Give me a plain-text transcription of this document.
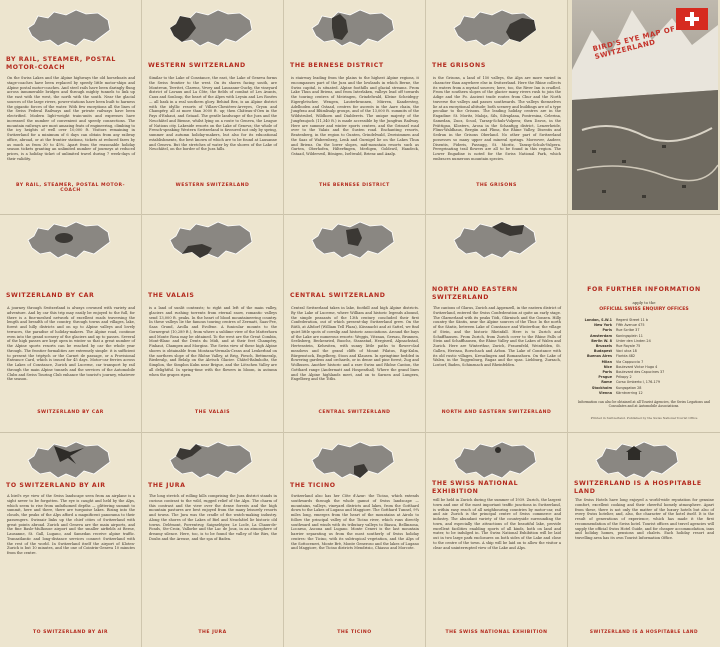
BY RAIL, STEAMER, POSTAL MOTOR-COACH
On the Swiss Lakes and the Alpine highways the old horseboats and stage-coaches have been replaced by speedy little motor-ships and Alpine postal motor-coaches. And steel rails have been daringly flung across innumerable bridges and through mighty tunnels to link up the east with the west, the north with the south. Near the glacial sources of the large rivers, power-stations have been built to harness the gigantic forces of the water. With few exceptions all the lines of the Swiss Federal Railways and the private railways have been electrified. Modern light-weight train-units and expresses have increased the number of convenient and speedy connections. The mountain railways are most amazing feats of engineering, climbing to the icy heights of well over 10,000 ft. Visitors remaining in Switzerland for a minimum of 6 days can obtain from any railway office, abroad, or at the frontier stations, tickets at reduced fares by as much as from 30 to 45%. Apart from the reasonable holiday season tickets granting an unlimited number of journeys at reduced prices, is a holiday ticket of unlimited travel during 7 week-days of their validity.
BY RAIL, STEAMER, POSTAL MOTOR-COACH
WESTERN SWITZERLAND
Similar to the Lake of Constance, the east, the Lake of Geneva forms the Swiss frontier to the west. On its shores facing south, are Montreux, Territet, Clarens, Vevey and Lausanne-Ouchy, the vineyard district of Lavaux and La Côte, the fields of combat of Les Avants, Caux and Sonloup, the heart of the Alpes with Leysin and Les Rosées — all bask in a real southern glory. Behind Bex, is an Alpine district with the idyllic resorts of Villars-Chesières-Arveyes, Gryon and Champéry, all at more than 3000 ft. up; then Château-d'Oex in the Pays d'Enhaut, and Gstaad. The gentle landscape of the Jura and the Neuchâtel and Bienne, whilst lying on a route to Geneva, the League of Nations city. Lakeside resorts on the Lake of Geneva; the whole of French-speaking Western Switzerland is favoured not only by spring, summer and autumn holiday-makers, but also for its educational establishments, the best known of which are to be found at Lausanne and Geneva. But the stretches of water by the shores of the Lake of Neuchâtel, on the border of the Jura hills.
WESTERN SWITZERLAND
THE BERNESE DISTRICT
is stairway leading from the plains to the highest Alpine regions, it encompasses part of the Jura and the lowlands in which Berne, the Swiss capital, is situated. Alpine foothills and glacial streams. From Lake Thun and Brienz, and from Interlaken, valleys lead off towards the touring centres of Meiringen, Grindelwald, Kleine Scheidegg-Eigergletscher, Wengen, Lauterbrunnen, Mürren, Kandersteg, Adelboden and Gstaad, centres for ascents in the Aare chain, the Jungfrau and Blümlisalp groups, and of the 13,000 ft. summits of the Wildstrubel, Wildhorn and Diablerets. The unique majesty of the Jungfraujoch (11,340 ft.) is made accessible by the Jungfrau Railway. Here are summer and winter sports centres, and the Grimsel road over to the Valais and the Susten road. Enchanting resorts, Beatenberg, in the region to Gunten, Grindelwald, Zweisimmen and the Saas of Wabernberg, Lenk and Gurnigel lie on the Lakes Thun and Brienz. On the lower slopes, mid-mountain resorts such as Gurten, Oberhofen, Hilterfingen, Merligen, Goldswil, Handeck, Gstaad, Wilderswil, Bönigen, Iseltwald, Brienz and Axalp.
THE BERNESE DISTRICT
THE GRISONS
is the Grisons, a land of 150 valleys, the Alps are more varied in character than anywhere else in Switzerland. Here the Rhine collects its waters from a myriad sources; here, too, the River Inn is cradled. From the southern slopes of the glacier many rivers rush to join the Adige and the Po. Ancient trade routes from Chur and the North traverse the valleys and passes southwards. The valleys themselves lie at an exceptional altitude; both scenery and buildings are of a type peculiar to the Grisons. The leading holiday centres are in the Engadine: St. Moritz, Maloja, Sils, Silvaplana, Pontresina, Celerina, Samedan, Zuoz, Scuol, Tarasp-Schuls-Vulpera; then Davos, in the Prättigau, Klosters, Arosa in the Schanfigg district, Lenzerheide, Flims-Waldhaus, Bergün and Flims, the Rhine Valley, Disentis and Sedrun in the Grisons Oberland. No other part of Switzerland possesses so many upper and mineral springs. Moreover, Andeer, Disentis, Fideris, Passugg, St. Moritz, Tarasp-Schuls-Vulpera. Peregrinating trail flowers are all to be found in this region. The Lower Engadine is noted for the Swiss National Park, which embraces numerous mountain species.
THE GRISONS
BIRD'S EYE MAP OF SWITZERLAND
SWITZERLAND BY CAR
A journey through Switzerland is always crowned with variety and adventure. And by car this trip may easily be enjoyed to the full, for there is a fine-meshed network of excellent roads traversing the length and breadth of the country, through towns and villages, lake, forest and hilly districts and on up to Alpine valleys and lovely terraces, the paradise of holiday-makers. The Alpine road, continue even into the grand scenery of the glaciers and up to passes. Several of the high passes are kept open in winter so that a great number of the Alpine sports resorts can be reached by car the whole year through. The frontier formalities are extremely simple: it is sufficient to present the triptych or the Carnet de passage, or a Provisional Entrance Card, which is issued for 45 days. Motor-car ferries across the Lakes of Constance, Zurich and Lucerne, car transport by rail through the main Alpine tunnels and the services of the Automobile Clubs and Swiss Touring Club enhance the tourist's journey, whatever the season.
SWITZERLAND BY CAR
THE VALAIS
is a land of sunlit contrasts; to right and left of the main valley, glaciers and rushing torrents from eternal snow, romantic valleys send 13,000 ft. peaks. In the heart of blood mountaineering country. In these valleys lie the famous touring centres of Zermatt, Saas-Fee, Saas Grund, Arolla and Evolène. A funicular mounts to the Gornergrat (10,289 ft.), from where a sublime view of the Matterhorn and Monte Rosa may be obtained. To the west are the Great Combin, Mont-Blanc and the Dents du Midi, and at their feet Champéry, Finhaut, Champex and Morgins. The Swiss view of these high Alpine shores is obtainable from Montana-Vermala-Crans and Leukerbad on the northern slope of the Rhône Valley, at Brig, Fiesch, Bettmeralp, Riederalp, and Belalp on the Aletsch Glacier. Châtel-Balmholtz, the Simplon, the Simplon Kulm near Brigue, and the Lötschen Valley are all delightful. In spring-time with the flowers in bloom, in autumn when the grapes ripen.
THE VALAIS
CENTRAL SWITZERLAND
Central Switzerland takes in lake, foothill and high Alpine districts. By the Lake of Lucerne, where William and historic legends abound, the simple peasants of the 13th century concluded their first Confederation, out of which present-day Switzerland grew. On the Rütli, at Altdorf (William Tell Plaza), Küssnacht and at Sattel, we find quiet little spots of cowslip and historic associations. Around the bays of the Lake are numerous resorts: Weggis, Vitznau, Gersau, Brunnen, Seelisberg, Beckenried, Buochs, Stansstad, Hergiswil, Alpnachstad, Hertenstein, Kehrsiten, with sunny little paths to flower-clad meadows and the grand cliffs of Mount Pilatus, Rigi-Kulm, Bürgenstock, Engelberg, Stoos and Klausen. In springtime bedded in flowering gardens and orchards, or in dense and pine forest, Zug and Wolhusen. Another historic and a rare Swiss and Rhône Canton, the Gotthard range (Andermatt and Hospenthal). Where the grand lines and the Alpine highlands meet, and on to Sarnen and Lungern, Engelberg and the Titlis.
CENTRAL SWITZERLAND
NORTH AND EASTERN SWITZERLAND
The cantons of Glarus, Zurich and Appenzell, in the eastern district of Switzerland, entered the Swiss Confederation at quite an early stage. The Glarnerland with its peaks Tödi, Glärnisch and the Gonzen. Hilly country the Säntis, near the Alpine sources of the Thur. In the north of the Säntis, between Lake of Constance and Winterthur, the village of Stein, and the historic Rheinfall. Here is to Zurich and Schaffhausen. From Zurich, from Zurich cover to the Rhine Falls of Stein and Schaffhausen, the Rhine Valley and the Lakes of Walen and Zurich. Here are Winterthur, Zurich, Frauenfeld, Weinfelden, St. Gallen, Herisau, Rorschach and Arbon. The Lake of Constance with its old rustic villages, Kreuzlingen and Romanshorn. On the Lake of Walen, in the Toggenburg, Ragaz and the spas. Liebburg, Zurzach, Lostorf, Baden, Schinznach and Rheinfelden.
NORTH AND EASTERN SWITZERLAND
FOR FURTHER INFORMATION
apply to the
OFFICIAL SWISS ENQUIRY OFFICES
London, S.W.1	Regent Street 11 b
New York	Fifth Avenue 475
Paris	Rue Scribe 37
Amsterdam	Koningsplein 11
Berlin W. 8	Unter den Linden 24
Brussels	Rue Royale 75
Budapest	Vaci utca 18
Buenos Aires	Florida 482
Milan	Via Cappuccio 7
Nice	Boulevard Victor Hugo 4
Paris	Boulevard des Capucines 37
Prague	Prikopy 2
Rome	Corso Umberto I, 176-179
Stockholm	Kungsgatan 28
Vienna	Kärntnerring 12
Information can also be obtained at all Tourist Agencies, the Swiss Legations and Consulates and at Automobile Associations.
Printed in Switzerland. Published by the Swiss National Tourist Office
TO SWITZERLAND BY AIR
A bird's eye view of the Swiss landscape seen from an airplane is a sight never to be forgotten. The eye is caught and held by the Alps, which seem to rise from unfathomed depths — glittering summit to summit, here and there, there are turquoise lakes. Rising into the clouds, the peaks of the Alps afford a magnificent panorama to their passengers. Swissair links up the chief cities of Switzerland with great points abroad. Zurich and Geneva are the main airports, and the fine Basle-Mulhouse airport and the smaller airfields at Berne, Lausanne, St. Gall, Lugano, and Samedan receive alpine traffic. Transatlantic and long-distance services connect Switzerland with the rest of the world. In Switzerland itself the airport of Kloten-Zurich is but 10 minutes, and the one of Cointrin-Geneva 10 minutes from the centre.
TO SWITZERLAND BY AIR
THE JURA
The long stretch of rolling hills comprising the Jura district stands in curious contrast to the wild, rugged relief of the Alps. The charm of this contrast and the view over the dense forests and the high mountain pastures are best enjoyed from the many leisurely resorts and towns. The Jura was the cradle of the watch-making industry. Along the shores of the Lakes of Biel and Neuchâtel lie historic old towns. Delémont, Porrentruy, Saignelégier, Le Locle, La Chaux-de-Fonds, Ste-Croix, Vallorbe and the Lac de Joux, in an atmosphere of dreamy silence. Here, too, is to be found the valley of the Birs, the Doubs and the Areuse, and the spa of Baden.
THE JURA
THE TICINO
Switzerland also has her Côte d'Azur: the Ticino, which extends southwards through the whole gamut of Swiss landscape — mountains, valleys, vineyard districts and lakes, from the Gotthard down to the Lakes of Lugano and Maggiore. The Gotthard Tunnel, 9¼ miles long, emerges from the heart of the mountains at Airolo to follow the principal valley of the Ticino river, which runs directly southward and winds with its tributary valleys to Biasca, Bellinzona, Locarno, Ascona and Lugano. Monte Ceneri is the last mountain barrier separating us from the most southerly of Swiss holiday centres: the Ticino, with its subtropical vegetation, and the Alps of the Sottoceneri, Monte Brè, Monte Generoso and the lakes of Lugano and Maggiore, the Ticino districts Mendrisio, Chiasso and Morcote.
THE TICINO
THE SWISS NATIONAL EXHIBITION
will be held in Zurich during the summer of 1939. Zurich, the largest town and one of the most important traffic junctions in Switzerland, is within easy reach of all neighbouring countries by motor-car, rail and air. Zurich is the principal centre of Swiss commerce and industry. The abundant variety of the countryside surrounding the town, and especially the attractions of the beautiful lake, provide excellent facilities enabling sports of all kinds, both on land and water, to be indulged in. The Swiss National Exhibition will be laid out in two large park enclosures on both sides of the Lake and close to the centre of the town. A ship will be laid on to allow the visitor a clear and uninterrupted view of the Lake and Alps.
THE SWISS NATIONAL EXHIBITION
SWITZERLAND IS A HOSPITABLE LAND
The Swiss Hotels have long enjoyed a world-wide reputation for genuine comfort, excellent cooking and their cheerful homely atmosphere. Apart from these, there is not only the matter of the luxury hotels but also of every Swiss hotelier, and, also, the character of the hotel itself. It is the result of generations of experience, which has made it the first recommendation of the Swiss hotel. Tourist offices and travel agencies will supply the official Swiss Hotel Guide, and for cheaper accommodation, inns and holiday homes, pensions and chalets. Each holiday resort and travelling area has its own Tourist Information Office.
SWITZERLAND IS A HOSPITABLE LAND
